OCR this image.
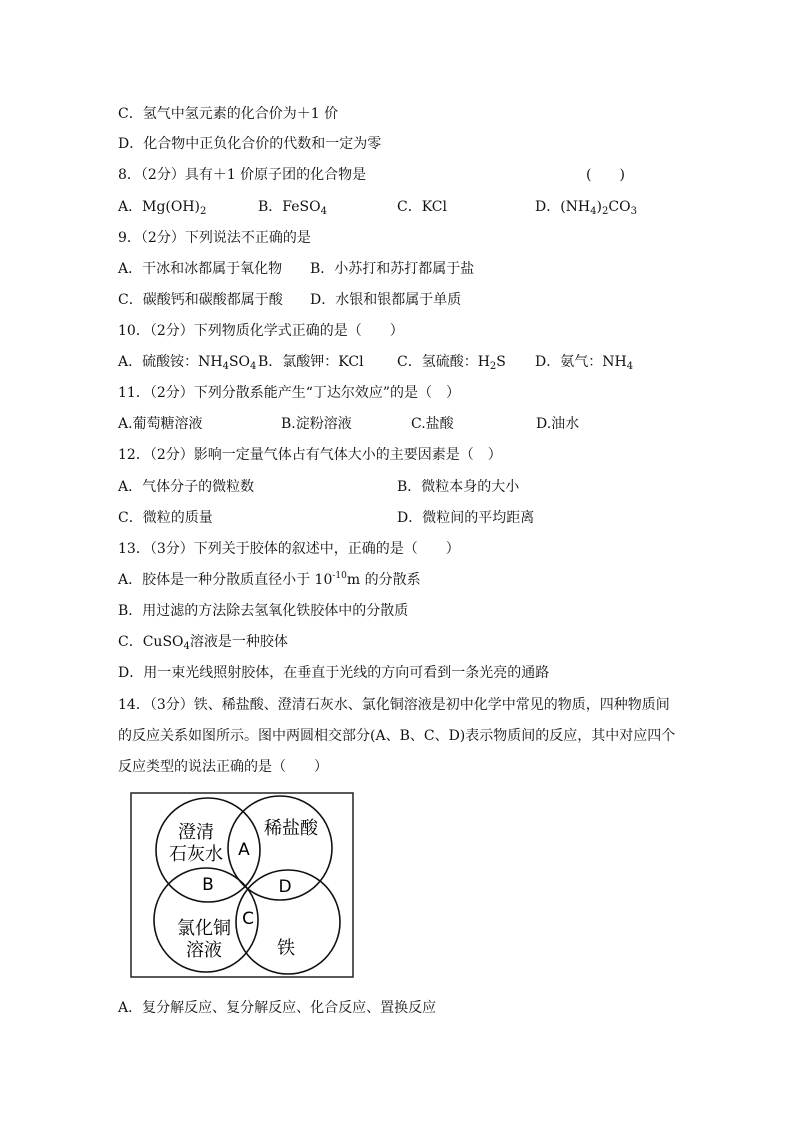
C．氢气中氢元素的化合价为＋1 价
D．化合物中正负化合价的代数和一定为零
8．（2分）具有＋1 价原子团的化合物是	(　　)
A．$Mg(OH)_2$	B．FeSO$_4$	C．KCl	D．$(NH_4)_2CO_3$
9．（2分）下列说法不正确的是
A．干冰和冰都属于氧化物 B．小苏打和苏打都属于盐
C．碳酸钙和碳酸都属于酸 D．水银和银都属于单质
10．（2分）下列物质化学式正确的是（　　）
A．硫酸铵：$NH_4SO_4$ B．氯酸钾：KCl C．氢硫酸：$H_2S$ D．氨气：$NH_4$
11．（2分）下列分散系能产生“丁达尔效应”的是（　）
A.葡萄糖溶液	B.淀粉溶液	C.盐酸	D.油水
12．（2分）影响一定量气体占有气体大小的主要因素是（　）
A．气体分子的微粒数	B．微粒本身的大小
C．微粒的质量	D．微粒间的平均距离
13．（3分）下列关于胶体的叙述中，正确的是（　　）
A．胶体是一种分散质直径小于 $10^{-10}m$ 的分散系
B．用过滤的方法除去氢氧化铁胶体中的分散质
C．CuSO$_4$溶液是一种胶体
D．用一束光线照射胶体，在垂直于光线的方向可看到一条光亮的通路
14．（3分）铁、稀盐酸、澄清石灰水、氯化铜溶液是初中化学中常见的物质，四种物质间
的反应关系如图所示。图中两圆相交部分(A、B、C、D)表示物质间的反应，其中对应四个
反应类型的说法正确的是（　　）
澄清
石灰水
稀盐酸
氯化铜
溶液	铁
A
B
C
D
A．复分解反应、复分解反应、化合反应、置换反应
